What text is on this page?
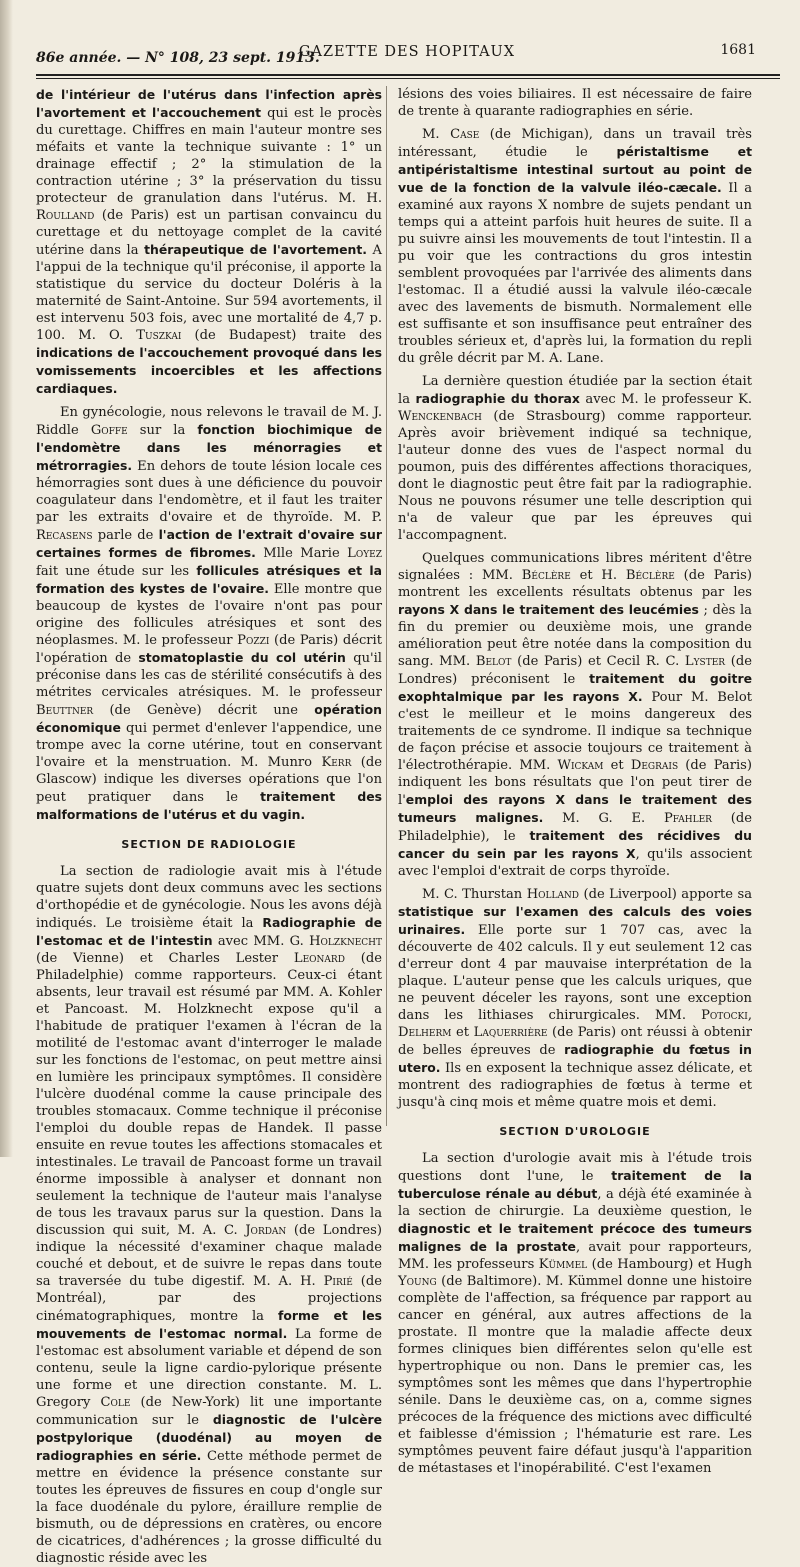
86e année. — N° 108, 23 sept. 1913.
GAZETTE DES HOPITAUX	1681

de l'intérieur de l'utérus dans l'infection après l'avortement et l'accouchement qui est le procès du curettage. Chiffres en main l'auteur montre ses méfaits et vante la technique suivante : 1° un drainage effectif ; 2° la stimulation de la contraction utérine ; 3° la préservation du tissu protecteur de granulation dans l'utérus. M. H. Roulland (de Paris) est un partisan convaincu du curettage et du nettoyage complet de la cavité utérine dans la thérapeutique de l'avortement. A l'appui de la technique qu'il préconise, il apporte la statistique du service du docteur Doléris à la maternité de Saint-Antoine. Sur 594 avortements, il est intervenu 503 fois, avec une mortalité de 4,7 p. 100. M. O. Tuszkai (de Budapest) traite des indications de l'accouchement provoqué dans les vomissements incoercibles et les affections cardiaques.

En gynécologie, nous relevons le travail de M. J. Riddle Goffe sur la fonction biochimique de l'endomètre dans les ménorragies et métrorragies. En dehors de toute lésion locale ces hémorragies sont dues à une déficience du pouvoir coagulateur dans l'endomètre, et il faut les traiter par les extraits d'ovaire et de thyroïde. M. P. Recasens parle de l'action de l'extrait d'ovaire sur certaines formes de fibromes. Mlle Marie Loyez fait une étude sur les follicules atrésiques et la formation des kystes de l'ovaire. Elle montre que beaucoup de kystes de l'ovaire n'ont pas pour origine des follicules atrésiques et sont des néoplasmes. M. le professeur Pozzi (de Paris) décrit l'opération de stomatoplastie du col utérin qu'il préconise dans les cas de stérilité consécutifs à des métrites cervicales atrésiques. M. le professeur Beuttner (de Genève) décrit une opération économique qui permet d'enlever l'appendice, une trompe avec la corne utérine, tout en conservant l'ovaire et la menstruation. M. Munro Kerr (de Glascow) indique les diverses opérations que l'on peut pratiquer dans le traitement des malformations de l'utérus et du vagin.

SECTION DE RADIOLOGIE

La section de radiologie avait mis à l'étude quatre sujets dont deux communs avec les sections d'orthopédie et de gynécologie. Nous les avons déjà indiqués. Le troisième était la Radiographie de l'estomac et de l'intestin avec MM. G. Holzknecht (de Vienne) et Charles Lester Leonard (de Philadelphie) comme rapporteurs. Ceux-ci étant absents, leur travail est résumé par MM. A. Kohler et Pancoast. M. Holzknecht expose qu'il a l'habitude de pratiquer l'examen à l'écran de la motilité de l'estomac avant d'interroger le malade sur les fonctions de l'estomac, on peut mettre ainsi en lumière les principaux symptômes. Il considère l'ulcère duodénal comme la cause principale des troubles stomacaux. Comme technique il préconise l'emploi du double repas de Handek. Il passe ensuite en revue toutes les affections stomacales et intestinales. Le travail de Pancoast forme un travail énorme impossible à analyser et donnant non seulement la technique de l'auteur mais l'analyse de tous les travaux parus sur la question. Dans la discussion qui suit, M. A. C. Jordan (de Londres) indique la nécessité d'examiner chaque malade couché et debout, et de suivre le repas dans toute sa traversée du tube digestif. M. A. H. Pirié (de Montréal), par des projections cinématographiques, montre la forme et les mouvements de l'estomac normal. La forme de l'estomac est absolument variable et dépend de son contenu, seule la ligne cardio-pylorique présente une forme et une direction constante. M. L. Gregory Cole (de New-York) lit une importante communication sur le diagnostic de l'ulcère postpylorique (duodénal) au moyen de radiographies en série. Cette méthode permet de mettre en évidence la présence constante sur toutes les épreuves de fissures en coup d'ongle sur la face duodénale du pylore, éraillure remplie de bismuth, ou de dépressions en cratères, ou encore de cicatrices, d'adhérences ; la grosse difficulté du diagnostic réside avec les

lésions des voies biliaires. Il est nécessaire de faire de trente à quarante radiographies en série.

M. Case (de Michigan), dans un travail très intéressant, étudie le péristaltisme et antipéristaltisme intestinal surtout au point de vue de la fonction de la valvule iléo-cæcale. Il a examiné aux rayons X nombre de sujets pendant un temps qui a atteint parfois huit heures de suite. Il a pu suivre ainsi les mouvements de tout l'intestin. Il a pu voir que les contractions du gros intestin semblent provoquées par l'arrivée des aliments dans l'estomac. Il a étudié aussi la valvule iléo-cæcale avec des lavements de bismuth. Normalement elle est suffisante et son insuffisance peut entraîner des troubles sérieux et, d'après lui, la formation du repli du grêle décrit par M. A. Lane.

La dernière question étudiée par la section était la radiographie du thorax avec M. le professeur K. Wenckenbach (de Strasbourg) comme rapporteur. Après avoir brièvement indiqué sa technique, l'auteur donne des vues de l'aspect normal du poumon, puis des différentes affections thoraciques, dont le diagnostic peut être fait par la radiographie. Nous ne pouvons résumer une telle description qui n'a de valeur que par les épreuves qui l'accompagnent.

Quelques communications libres méritent d'être signalées : MM. Béclère et H. Béclère (de Paris) montrent les excellents résultats obtenus par les rayons X dans le traitement des leucémies ; dès la fin du premier ou deuxième mois, une grande amélioration peut être notée dans la composition du sang. MM. Belot (de Paris) et Cecil R. C. Lyster (de Londres) préconisent le traitement du goitre exophtalmique par les rayons X. Pour M. Belot c'est le meilleur et le moins dangereux des traitements de ce syndrome. Il indique sa technique de façon précise et associe toujours ce traitement à l'électrothérapie. MM. Wickam et Degrais (de Paris) indiquent les bons résultats que l'on peut tirer de l'emploi des rayons X dans le traitement des tumeurs malignes. M. G. E. Pfahler (de Philadelphie), le traitement des récidives du cancer du sein par les rayons X, qu'ils associent avec l'emploi d'extrait de corps thyroïde.

M. C. Thurstan Holland (de Liverpool) apporte sa statistique sur l'examen des calculs des voies urinaires. Elle porte sur 1 707 cas, avec la découverte de 402 calculs. Il y eut seulement 12 cas d'erreur dont 4 par mauvaise interprétation de la plaque. L'auteur pense que les calculs uriques, que ne peuvent déceler les rayons, sont une exception dans les lithiases chirurgicales. MM. Potocki, Delherm et Laquerrière (de Paris) ont réussi à obtenir de belles épreuves de radiographie du fœtus in utero. Ils en exposent la technique assez délicate, et montrent des radiographies de fœtus à terme et jusqu'à cinq mois et même quatre mois et demi.

SECTION D'UROLOGIE

La section d'urologie avait mis à l'étude trois questions dont l'une, le traitement de la tuberculose rénale au début, a déjà été examinée à la section de chirurgie. La deuxième question, le diagnostic et le traitement précoce des tumeurs malignes de la prostate, avait pour rapporteurs, MM. les professeurs Kümmel (de Hambourg) et Hugh Young (de Baltimore). M. Kümmel donne une histoire complète de l'affection, sa fréquence par rapport au cancer en général, aux autres affections de la prostate. Il montre que la maladie affecte deux formes cliniques bien différentes selon qu'elle est hypertrophique ou non. Dans le premier cas, les symptômes sont les mêmes que dans l'hypertrophie sénile. Dans le deuxième cas, on a, comme signes précoces de la fréquence des mictions avec difficulté et faiblesse d'émission ; l'hématurie est rare. Les symptômes peuvent faire défaut jusqu'à l'apparition de métastases et l'inopérabilité. C'est l'examen
